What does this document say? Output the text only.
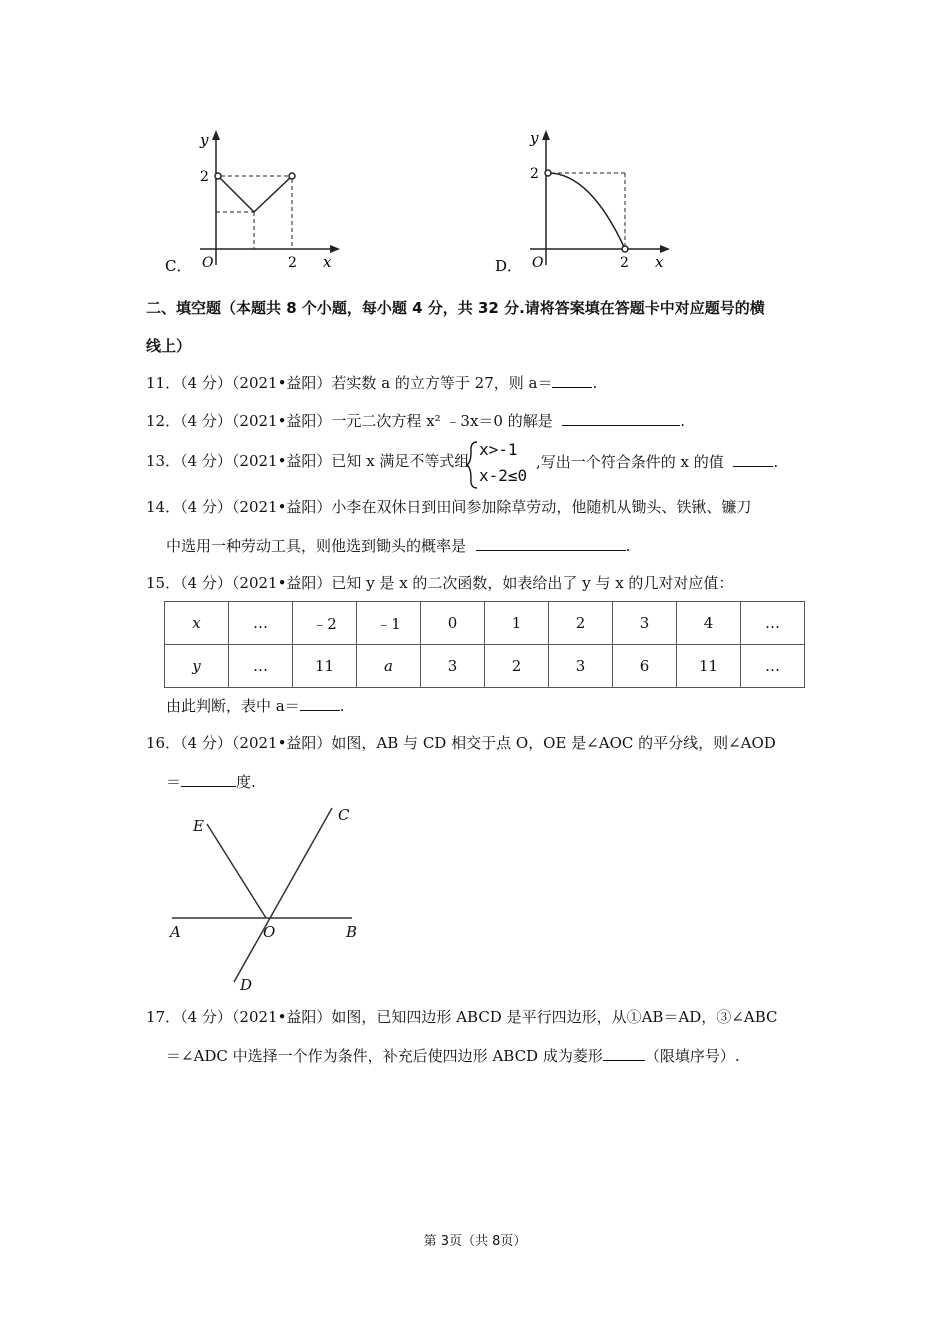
y
2
O	2 x
C．
y
2
O	2 x
D．
二、填空题（本题共 8 个小题，每小题 4 分，共 32 分.请将答案填在答题卡中对应题号的横
线上）
11．（4 分）（2021•益阳）若实数 a 的立方等于 27，则 a＝	.
12．（4 分）（2021•益阳）一元二次方程 x² ﹣3x＝0 的解是	.
13．（4 分）（2021•益阳）已知 x 满足不等式组
x>-1
x-2≤0
,写出一个符合条件的 x 的值	.
14．（4 分）（2021•益阳）小李在双休日到田间参加除草劳动，他随机从锄头、铁锹、镰刀
中选用一种劳动工具，则他选到锄头的概率是	.
15．（4 分）（2021•益阳）已知 y 是 x 的二次函数，如表给出了 y 与 x 的几对对应值：
x	…	﹣2	﹣1	0	1	2	3	4	…
y	…	11	a	3	2	3	6	11	…
由此判断，表中 a＝	.
16．（4 分）（2021•益阳）如图，AB 与 CD 相交于点 O，OE 是∠AOC 的平分线，则∠AOD
＝	度.
E
C
A	O	B
D
17．（4 分）（2021•益阳）如图，已知四边形 ABCD 是平行四边形，从①AB＝AD，③∠ABC
＝∠ADC 中选择一个作为条件，补充后使四边形 ABCD 成为菱形	（限填序号）.
第 3页（共 8页）
